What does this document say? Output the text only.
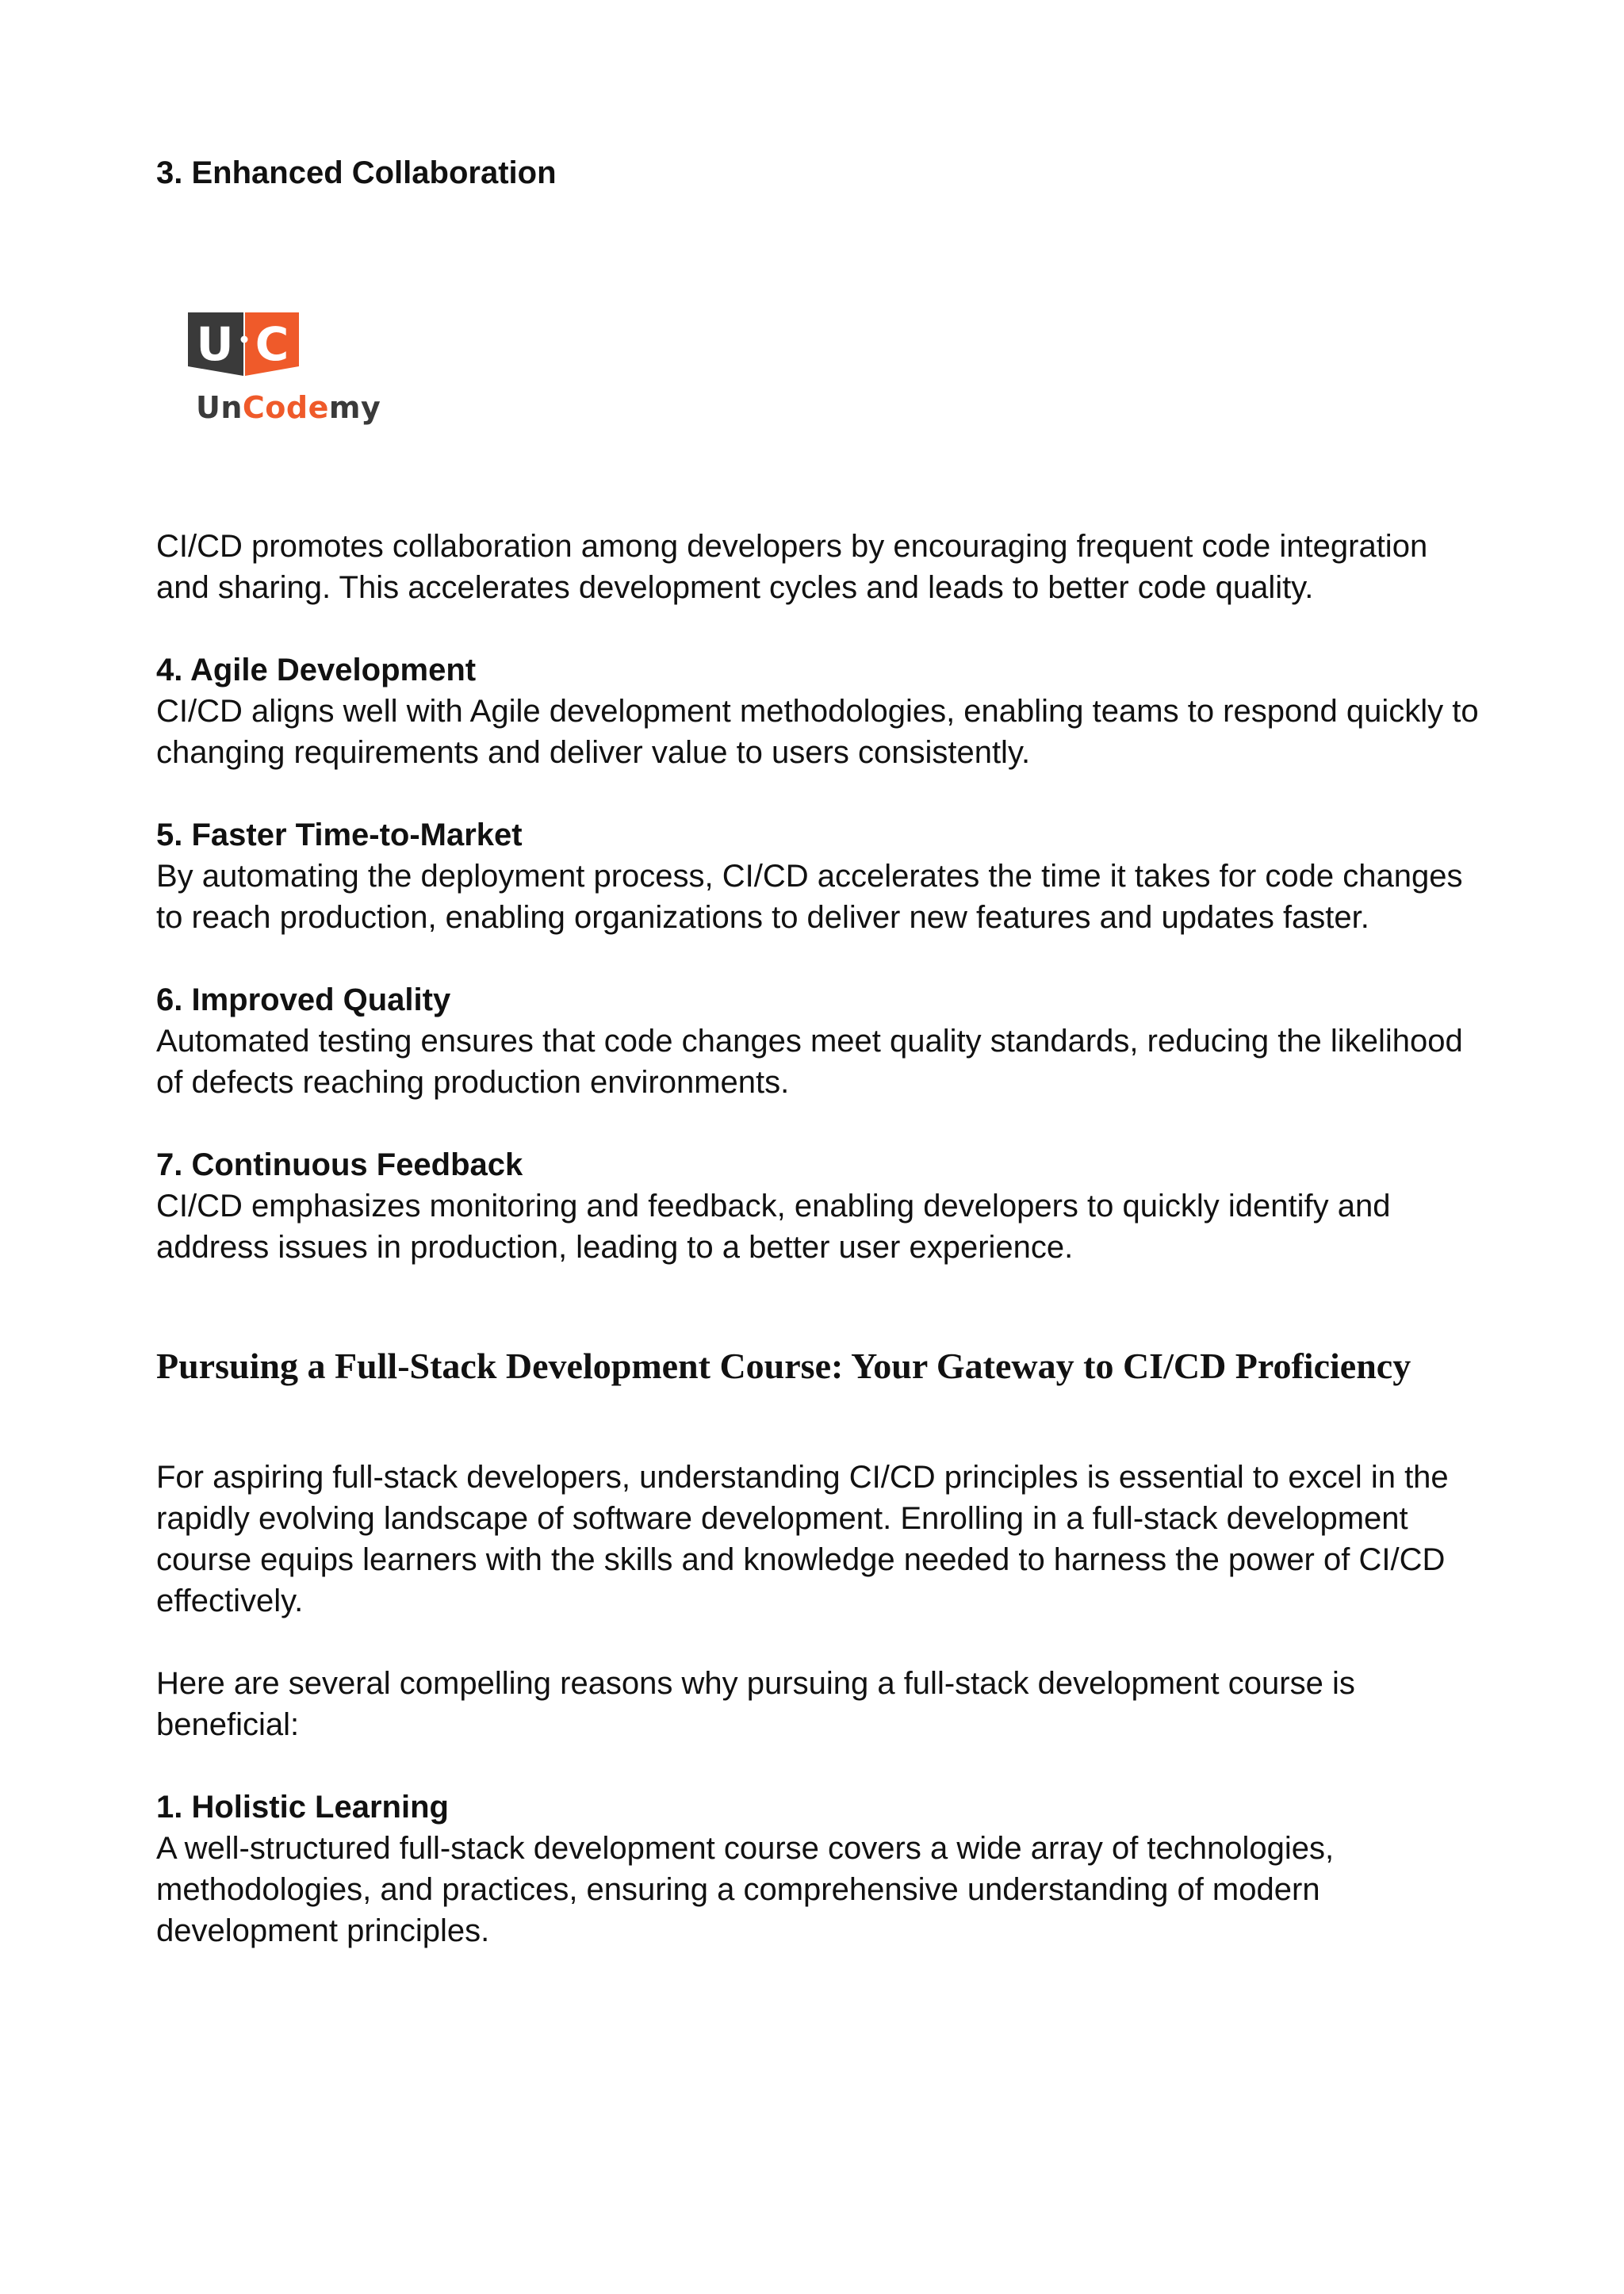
3. Enhanced Collaboration

U C
UnCodemy

CI/CD promotes collaboration among developers by encouraging frequent code integration and sharing. This accelerates development cycles and leads to better code quality.

4. Agile Development

CI/CD aligns well with Agile development methodologies, enabling teams to respond quickly to changing requirements and deliver value to users consistently.

5. Faster Time-to-Market

By automating the deployment process, CI/CD accelerates the time it takes for code changes to reach production, enabling organizations to deliver new features and updates faster.

6. Improved Quality

Automated testing ensures that code changes meet quality standards, reducing the likelihood of defects reaching production environments.

7. Continuous Feedback

CI/CD emphasizes monitoring and feedback, enabling developers to quickly identify and address issues in production, leading to a better user experience.

Pursuing a Full-Stack Development Course: Your Gateway to CI/CD Proficiency

For aspiring full-stack developers, understanding CI/CD principles is essential to excel in the rapidly evolving landscape of software development. Enrolling in a full-stack development course equips learners with the skills and knowledge needed to harness the power of CI/CD effectively.

Here are several compelling reasons why pursuing a full-stack development course is beneficial:

1. Holistic Learning

A well-structured full-stack development course covers a wide array of technologies, methodologies, and practices, ensuring a comprehensive understanding of modern development principles.
